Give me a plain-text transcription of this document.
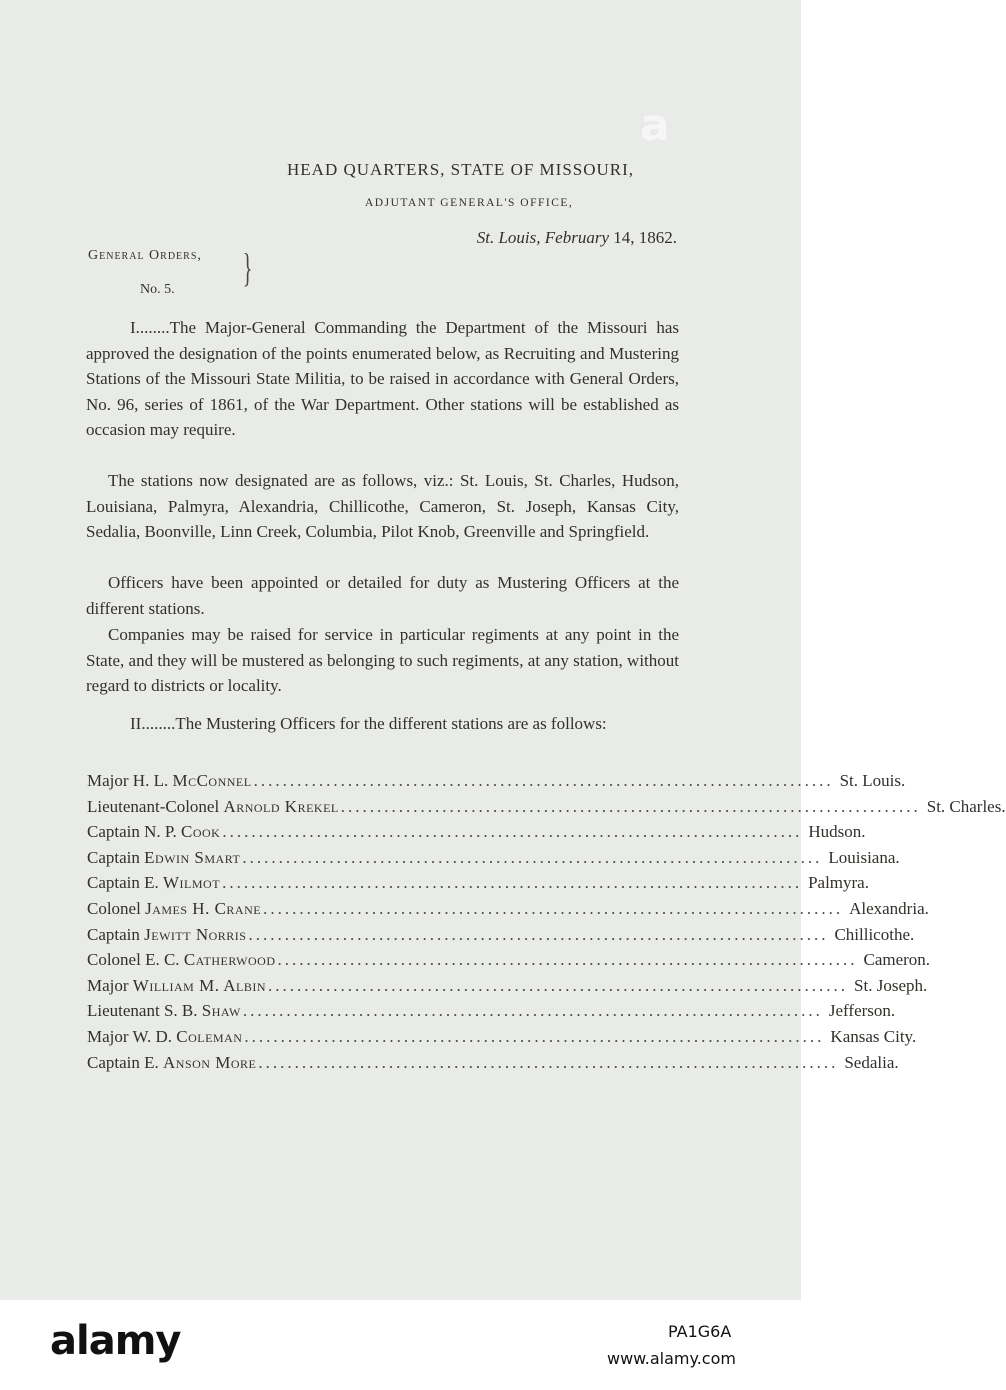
a
HEAD QUARTERS, STATE OF MISSOURI,
ADJUTANT GENERAL'S OFFICE,
St. Louis, February 14, 1862.
General Orders,
No. 5. }
I........The Major-General Commanding the Department of the Missouri has approved the designation of the points enumerated below, as Recruiting and Mustering Stations of the Missouri State Militia, to be raised in accordance with General Orders, No. 96, series of 1861, of the War Department. Other stations will be established as occasion may require.
The stations now designated are as follows, viz.: St. Louis, St. Charles, Hudson, Louisiana, Palmyra, Alexandria, Chillicothe, Cameron, St. Joseph, Kansas City, Sedalia, Boonville, Linn Creek, Columbia, Pilot Knob, Greenville and Springfield.
Officers have been appointed or detailed for duty as Mustering Officers at the different stations.
Companies may be raised for service in particular regiments at any point in the State, and they will be mustered as belonging to such regiments, at any station, without regard to districts or locality.
II........The Mustering Officers for the different stations are as follows:
Major H. L. McConnel ................................................................................ St. Louis.
Lieutenant-Colonel Arnold Krekel ................................................................................ St. Charles.
Captain N. P. Cook ................................................................................ Hudson.
Captain Edwin Smart ................................................................................ Louisiana.
Captain E. Wilmot ................................................................................ Palmyra.
Colonel James H. Crane ................................................................................ Alexandria.
Captain Jewitt Norris ................................................................................ Chillicothe.
Colonel E. C. Catherwood ................................................................................ Cameron.
Major William M. Albin ................................................................................ St. Joseph.
Lieutenant S. B. Shaw ................................................................................ Jefferson.
Major W. D. Coleman ................................................................................ Kansas City.
Captain E. Anson More ................................................................................ Sedalia.
alamy	PA1G6A
www.alamy.com
